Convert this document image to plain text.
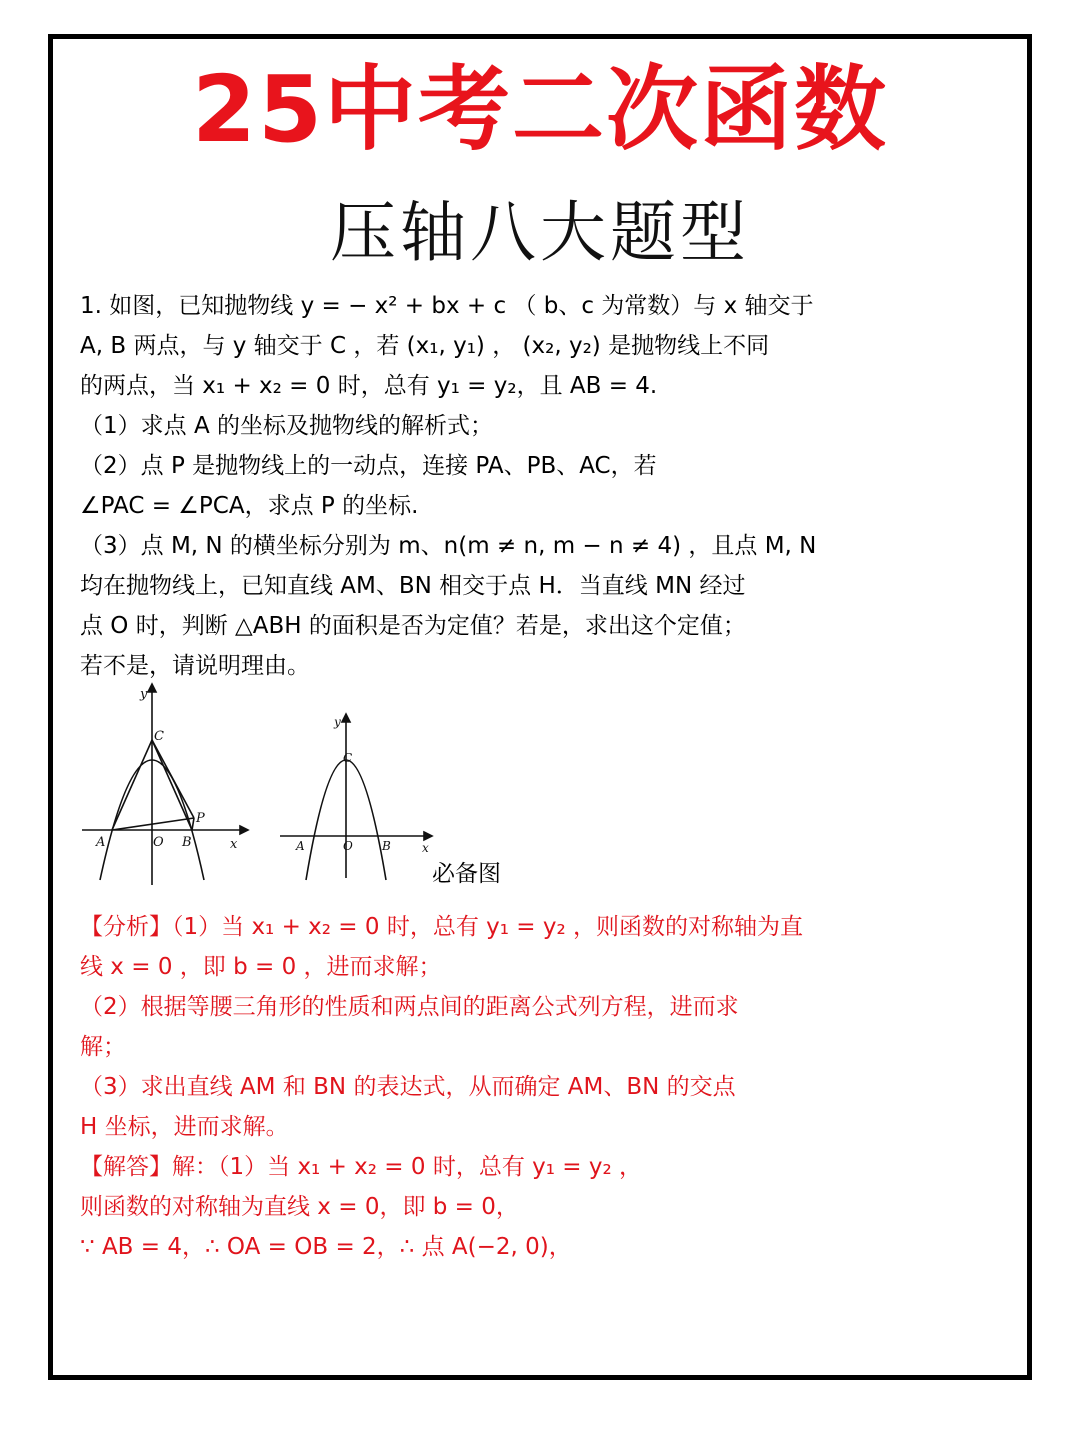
25中考二次函数
压轴八大题型
1. 如图，已知抛物线 y = − x² + bx + c （ b、c 为常数）与 x 轴交于
A, B 两点，与 y 轴交于 C ，若 (x₁, y₁) ， (x₂, y₂) 是抛物线上不同
的两点，当 x₁ + x₂ = 0 时，总有 y₁ = y₂，且 AB = 4.
（1）求点 A 的坐标及抛物线的解析式；
（2）点 P 是抛物线上的一动点，连接 PA、PB、AC，若
∠PAC = ∠PCA，求点 P 的坐标.
（3）点 M, N 的横坐标分别为 m、n(m ≠ n, m − n ≠ 4) ，且点 M, N
均在抛物线上，已知直线 AM、BN 相交于点 H．当直线 MN 经过
点 O 时，判断 △ABH 的面积是否为定值？若是，求出这个定值；
若不是，请说明理由。
y
C
P
A	O B	x
y
C
A	O B	x
必备图
【分析】（1）当 x₁ + x₂ = 0 时，总有 y₁ = y₂ ，则函数的对称轴为直
线 x = 0 ，即 b = 0 ，进而求解；
（2）根据等腰三角形的性质和两点间的距离公式列方程，进而求
解；
（3）求出直线 AM 和 BN 的表达式，从而确定 AM、BN 的交点
H 坐标，进而求解。
【解答】解：（1）当 x₁ + x₂ = 0 时，总有 y₁ = y₂ ，
则函数的对称轴为直线 x = 0，即 b = 0，
∵ AB = 4，∴ OA = OB = 2，∴ 点 A(−2, 0)，
